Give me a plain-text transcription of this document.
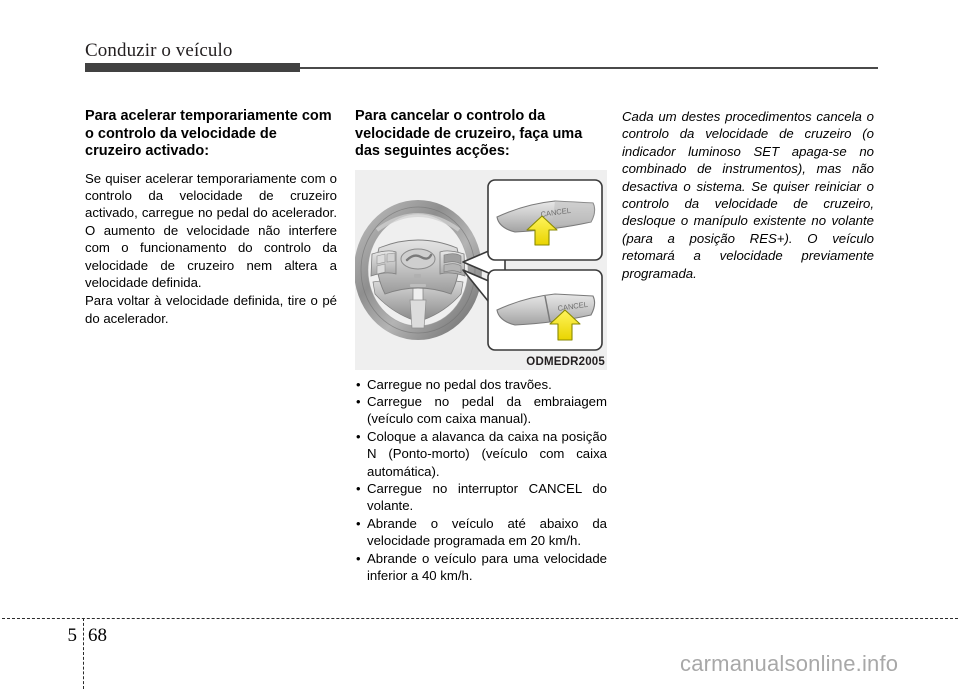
Conduzir o veículo
Para acelerar temporariamente com o controlo da velocidade de cruzeiro activado:

Se quiser acelerar temporariamente com o controlo da velocidade de cruzeiro activado, carregue no pedal do acelerador. O aumento de velocidade não interfere com o funcionamento do controlo da velocidade de cruzeiro nem altera a velocidade definida.

Para voltar à velocidade definida, tire o pé do acelerador.

Para cancelar o controlo da velocidade de cruzeiro, faça uma das seguintes acções:
CANCEL
CANCEL
ODMEDR2005
• Carregue no pedal dos travões.
• Carregue no pedal da embraiagem (veículo com caixa manual).
• Coloque a alavanca da caixa na posição N (Ponto-morto) (veículo com caixa automática).
• Carregue no interruptor CANCEL do volante.
• Abrande o veículo até abaixo da velocidade programada em 20 km/h.
• Abrande o veículo para uma velocidade inferior a 40 km/h.

Cada um destes procedimentos cancela o controlo da velocidade de cruzeiro (o indicador luminoso SET apaga-se no combinado de instrumentos), mas não desactiva o sistema. Se quiser reiniciar o controlo da velocidade de cruzeiro, desloque o manípulo existente no volante (para a posição RES+). O veículo retomará a velocidade previamente programada.

5 68
carmanualsonline.info
